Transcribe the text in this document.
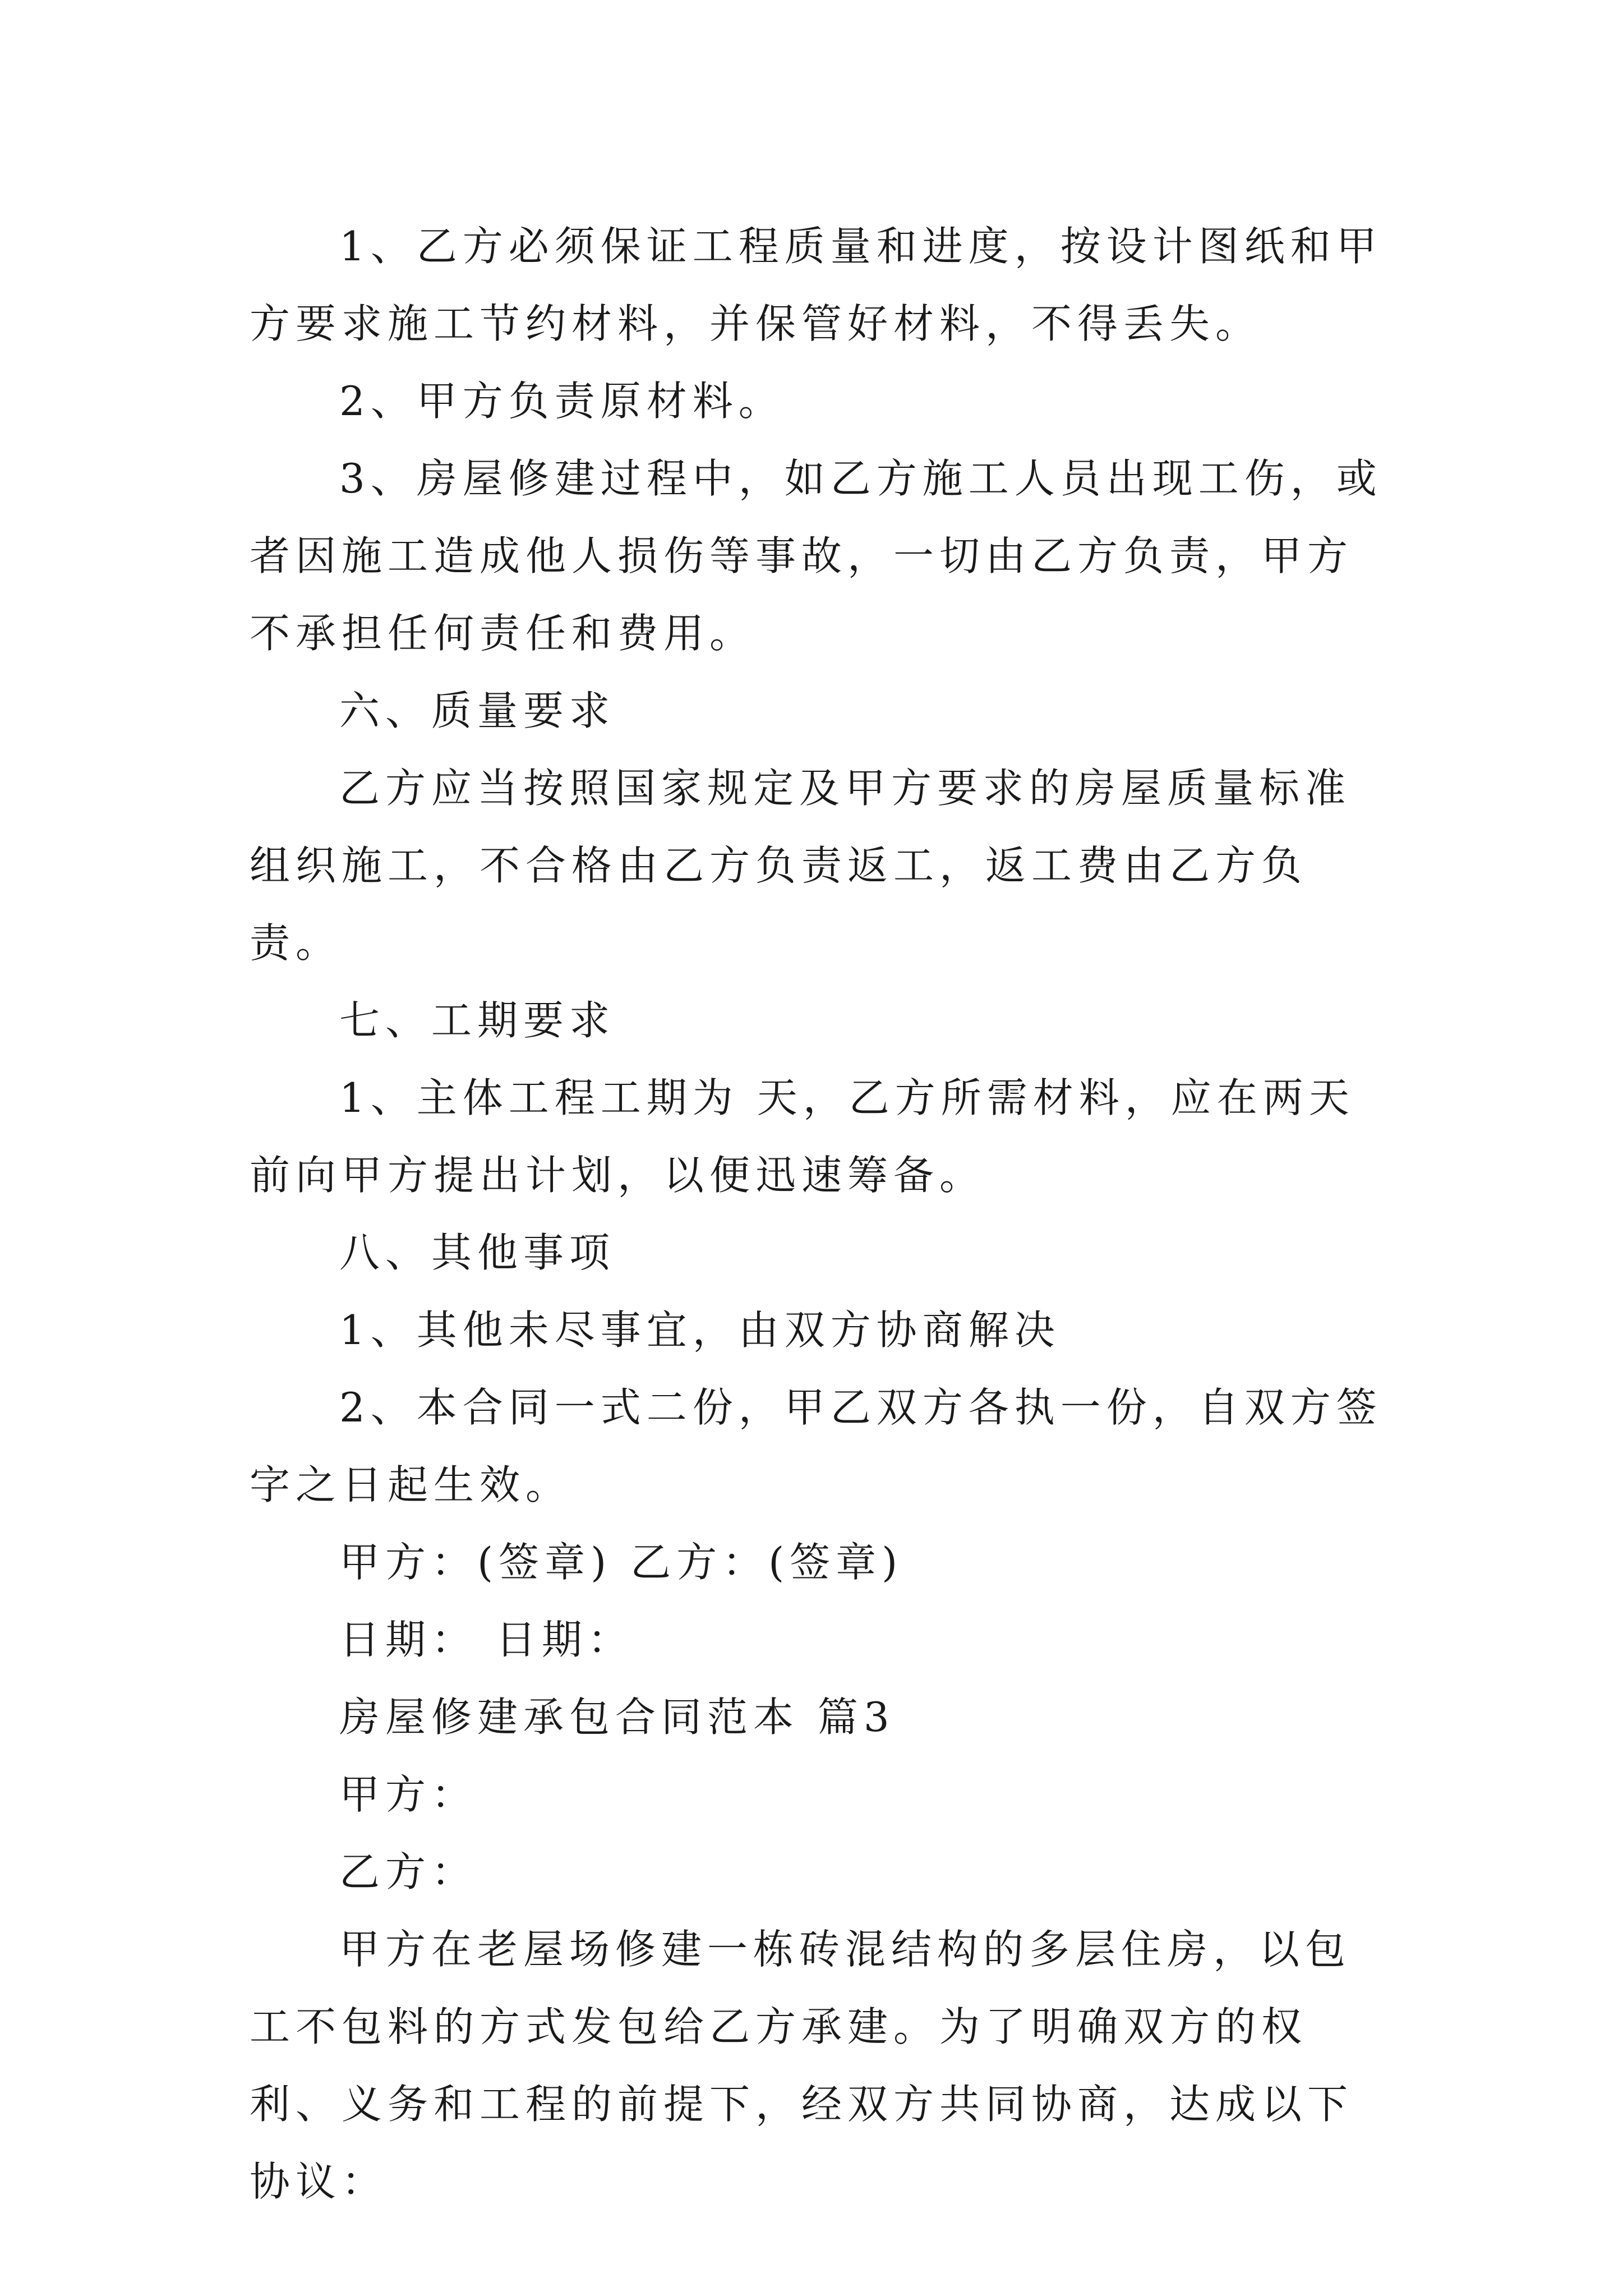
1、乙方必须保证工程质量和进度，按设计图纸和甲方要求施工节约材料，并保管好材料，不得丢失。

2、甲方负责原材料。

3、房屋修建过程中，如乙方施工人员出现工伤，或者因施工造成他人损伤等事故，一切由乙方负责，甲方不承担任何责任和费用。

六、质量要求

乙方应当按照国家规定及甲方要求的房屋质量标准组织施工，不合格由乙方负责返工，返工费由乙方负责。

七、工期要求

1、主体工程工期为 天，乙方所需材料，应在两天前向甲方提出计划，以便迅速筹备。

八、其他事项

1、其他未尽事宜，由双方协商解决

2、本合同一式二份，甲乙双方各执一份，自双方签字之日起生效。

甲方：(签章) 乙方：(签章)

日期： 日期：

房屋修建承包合同范本 篇3

甲方：

乙方：

甲方在老屋场修建一栋砖混结构的多层住房，以包工不包料的方式发包给乙方承建。为了明确双方的权利、义务和工程的前提下，经双方共同协商，达成以下协议：
